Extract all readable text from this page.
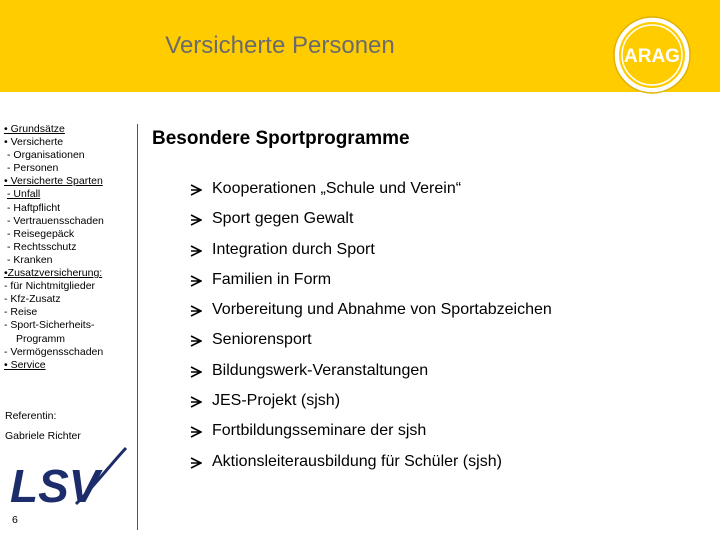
Versicherte Personen	ARAG
• Grundsätze
• Versicherte
- Organisationen
- Personen
• Versicherte Sparten
- Unfall
- Haftpflicht
- Vertrauensschaden
- Reisegepäck
- Rechtsschutz
- Kranken
•Zusatzversicherung:
- für Nichtmitglieder
- Kfz-Zusatz
- Reise
- Sport-Sicherheits-
Programm
- Vermögensschaden
• Service
Referentin:
Gabriele Richter
LSV
6
Besondere Sportprogramme
Kooperationen „Schule und Verein“
Sport gegen Gewalt
Integration durch Sport
Familien in Form
Vorbereitung und Abnahme von Sportabzeichen
Seniorensport
Bildungswerk-Veranstaltungen
JES-Projekt (sjsh)
Fortbildungsseminare der sjsh
Aktionsleiterausbildung für Schüler (sjsh)
